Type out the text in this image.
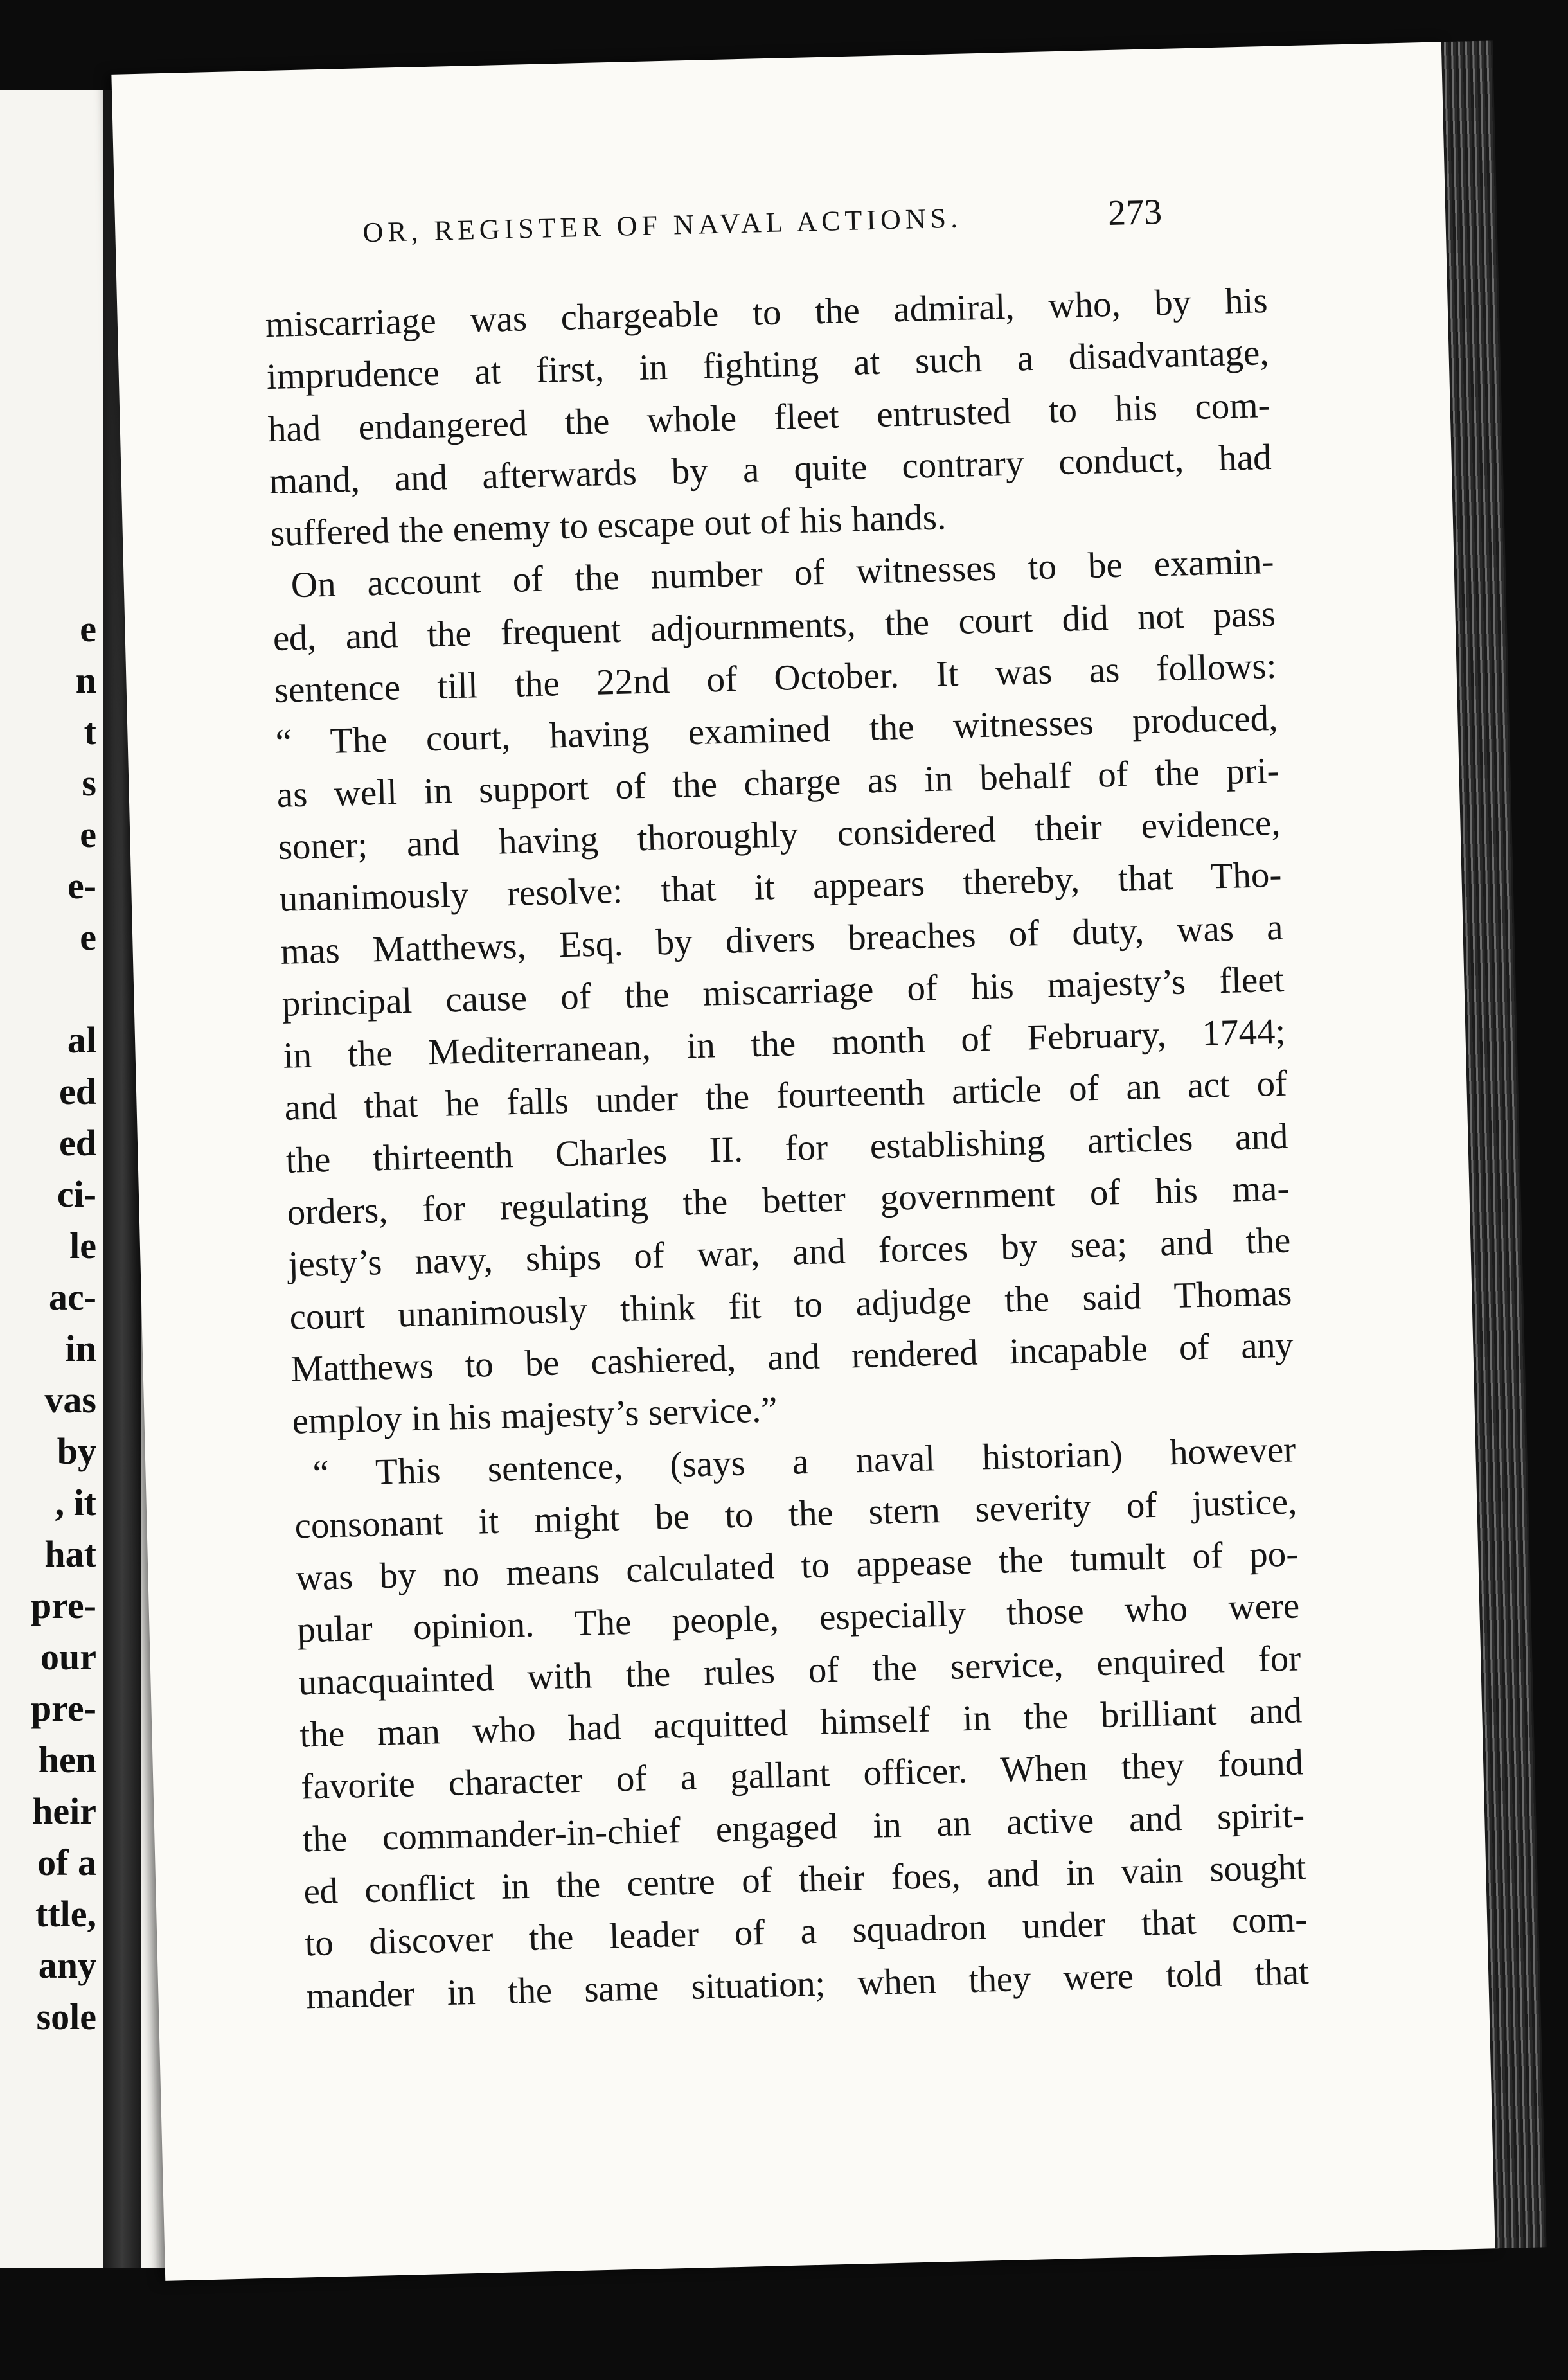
e
n
t
s
e
e-
e
al
ed
ed
ci-
le
ac-
in
vas
by
, it
hat
pre-
our
pre-
hen
heir
of a
ttle,
any
sole
OR, REGISTER OF NAVAL ACTIONS.	273
miscarriage was chargeable to the admiral, who, by his
imprudence at first, in fighting at such a disadvantage,
had endangered the whole fleet entrusted to his com-
mand, and afterwards by a quite contrary conduct, had
suffered the enemy to escape out of his hands.
On account of the number of witnesses to be examin-
ed, and the frequent adjournments, the court did not pass
sentence till the 22nd of October. It was as follows:
“ The court, having examined the witnesses produced,
as well in support of the charge as in behalf of the pri-
soner; and having thoroughly considered their evidence,
unanimously resolve: that it appears thereby, that Tho-
mas Matthews, Esq. by divers breaches of duty, was a
principal cause of the miscarriage of his majesty’s fleet
in the Mediterranean, in the month of February, 1744;
and that he falls under the fourteenth article of an act of
the thirteenth Charles II. for establishing articles and
orders, for regulating the better government of his ma-
jesty’s navy, ships of war, and forces by sea; and the
court unanimously think fit to adjudge the said Thomas
Matthews to be cashiered, and rendered incapable of any
employ in his majesty’s service.”
“ This sentence, (says a naval historian) however
consonant it might be to the stern severity of justice,
was by no means calculated to appease the tumult of po-
pular opinion. The people, especially those who were
unacquainted with the rules of the service, enquired for
the man who had acquitted himself in the brilliant and
favorite character of a gallant officer. When they found
the commander-in-chief engaged in an active and spirit-
ed conflict in the centre of their foes, and in vain sought
to discover the leader of a squadron under that com-
mander in the same situation; when they were told that
